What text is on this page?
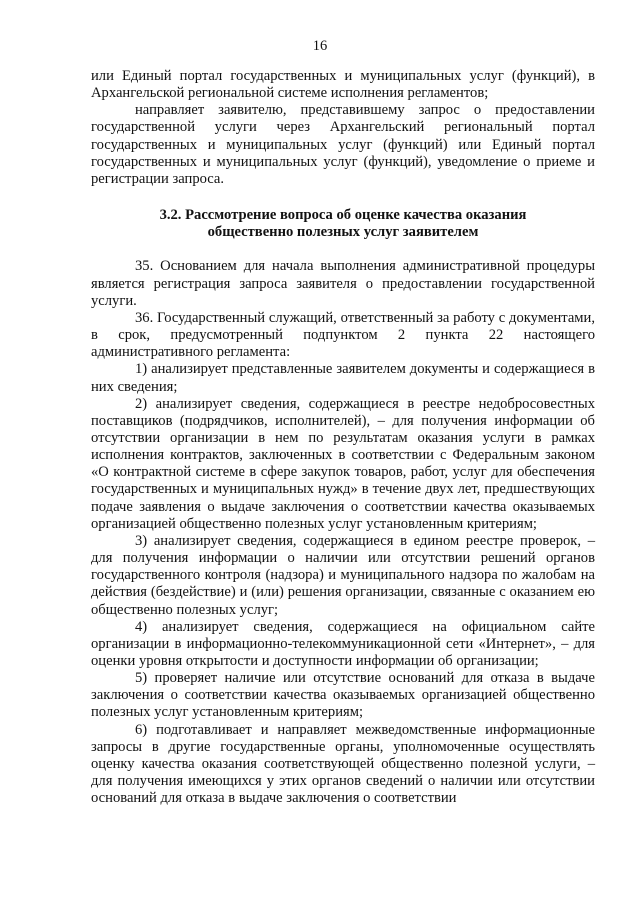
16

или Единый портал государственных и муниципальных услуг (функций), в Архангельской региональной системе исполнения регламентов;

направляет заявителю, представившему запрос о предоставлении государственной услуги через Архангельский региональный портал государственных и муниципальных услуг (функций) или Единый портал государственных и муниципальных услуг (функций), уведомление о приеме и регистрации запроса.

3.2. Рассмотрение вопроса об оценке качества оказания
общественно полезных услуг заявителем

35. Основанием для начала выполнения административной процедуры является регистрация запроса заявителя о предоставлении государственной услуги.

36. Государственный служащий, ответственный за работу с документами, в срок, предусмотренный подпунктом 2 пункта 22 настоящего административного регламента:

1) анализирует представленные заявителем документы и содержащиеся в них сведения;

2) анализирует сведения, содержащиеся в реестре недобросовестных поставщиков (подрядчиков, исполнителей), – для получения информации об отсутствии организации в нем по результатам оказания услуги в рамках исполнения контрактов, заключенных в соответствии с Федеральным законом «О контрактной системе в сфере закупок товаров, работ, услуг для обеспечения государственных и муниципальных нужд» в течение двух лет, предшествующих подаче заявления о выдаче заключения о соответствии качества оказываемых организацией общественно полезных услуг установленным критериям;

3) анализирует сведения, содержащиеся в едином реестре проверок, – для получения информации о наличии или отсутствии решений органов государственного контроля (надзора) и муниципального надзора по жалобам на действия (бездействие) и (или) решения организации, связанные с оказанием ею общественно полезных услуг;

4) анализирует сведения, содержащиеся на официальном сайте организации в информационно-телекоммуникационной сети «Интернет», – для оценки уровня открытости и доступности информации об организации;

5) проверяет наличие или отсутствие оснований для отказа в выдаче заключения о соответствии качества оказываемых организацией общественно полезных услуг установленным критериям;

6) подготавливает и направляет межведомственные информационные запросы в другие государственные органы, уполномоченные осуществлять оценку качества оказания соответствующей общественно полезной услуги, – для получения имеющихся у этих органов сведений о наличии или отсутствии оснований для отказа в выдаче заключения о соответствии
